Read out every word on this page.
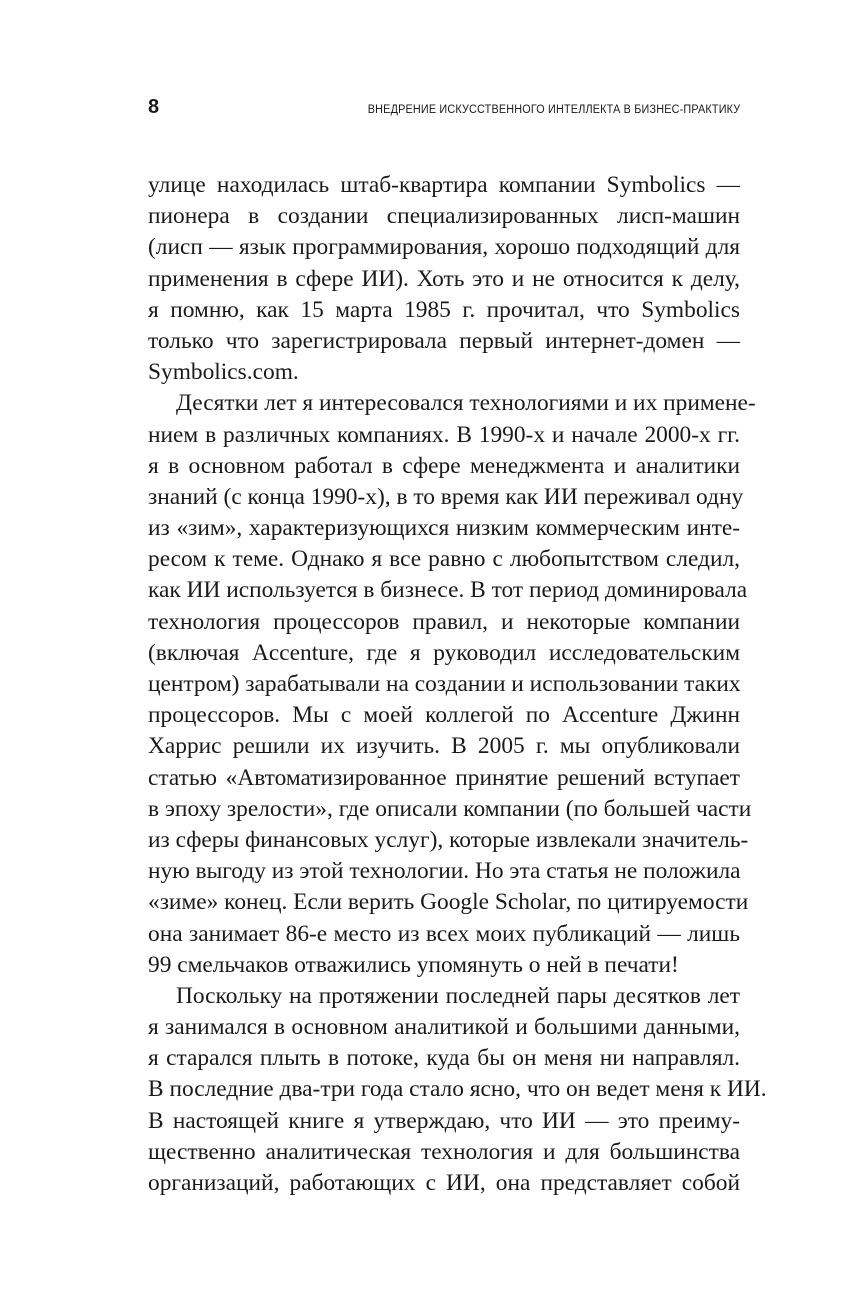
8	ВНЕДРЕНИЕ ИСКУССТВЕННОГО ИНТЕЛЛЕКТА В БИЗНЕС-ПРАКТИКУ
улице находилась штаб-квартира компании Symbolics —
пионера в создании специализированных лисп-машин
(лисп — язык программирования, хорошо подходящий для
применения в сфере ИИ). Хоть это и не относится к делу,
я помню, как 15 марта 1985 г. прочитал, что Symbolics
только что зарегистрировала первый интернет-домен —
Symbolics.com.
Десятки лет я интересовался технологиями и их примене-
нием в различных компаниях. В 1990-х и начале 2000-х гг.
я в основном работал в сфере менеджмента и аналитики
знаний (с конца 1990-х), в то время как ИИ переживал одну
из «зим», характеризующихся низким коммерческим инте-
ресом к теме. Однако я все равно с любопытством следил,
как ИИ используется в бизнесе. В тот период доминировала
технология процессоров правил, и некоторые компании
(включая Accenture, где я руководил исследовательским
центром) зарабатывали на создании и использовании таких
процессоров. Мы с моей коллегой по Accenture Джинн
Харрис решили их изучить. В 2005 г. мы опубликовали
статью «Автоматизированное принятие решений вступает
в эпоху зрелости», где описали компании (по большей части
из сферы финансовых услуг), которые извлекали значитель-
ную выгоду из этой технологии. Но эта статья не положила
«зиме» конец. Если верить Google Scholar, по цитируемости
она занимает 86-е место из всех моих публикаций — лишь
99 смельчаков отважились упомянуть о ней в печати!
Поскольку на протяжении последней пары десятков лет
я занимался в основном аналитикой и большими данными,
я старался плыть в потоке, куда бы он меня ни направлял.
В последние два-три года стало ясно, что он ведет меня к ИИ.
В настоящей книге я утверждаю, что ИИ — это преиму-
щественно аналитическая технология и для большинства
организаций, работающих с ИИ, она представляет собой
